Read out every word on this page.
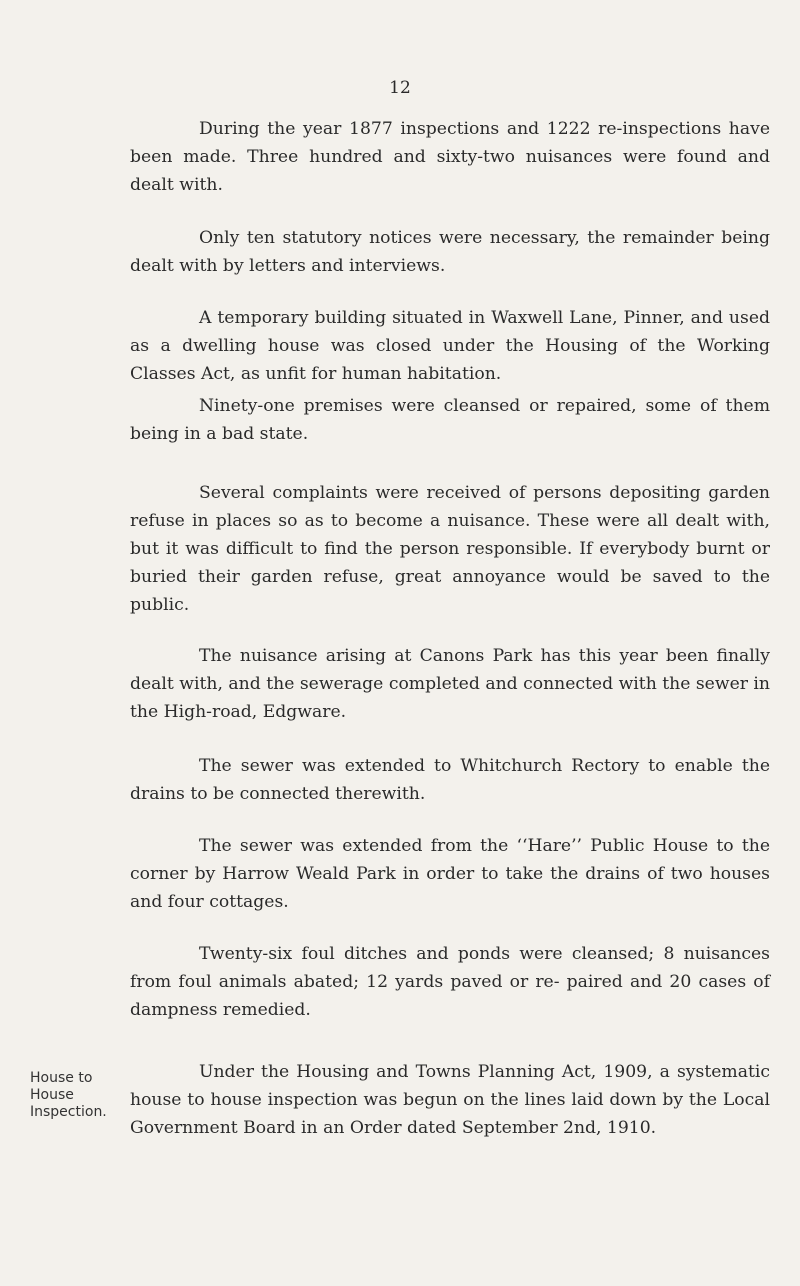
12

During the year 1877 inspections and 1222 re-inspections have been made. Three hundred and sixty-two nuisances were found and dealt with.

Only ten statutory notices were necessary, the remainder being dealt with by letters and interviews.

A temporary building situated in Waxwell Lane, Pinner, and used as a dwelling house was closed under the Housing of the Working Classes Act, as unfit for human habitation.

Ninety-one premises were cleansed or repaired, some of them being in a bad state.

Several complaints were received of persons depositing garden refuse in places so as to become a nuisance. These were all dealt with, but it was difficult to find the person responsible. If everybody burnt or buried their garden refuse, great annoyance would be saved to the public.

The nuisance arising at Canons Park has this year been finally dealt with, and the sewerage completed and connected with the sewer in the High-road, Edgware.

The sewer was extended to Whitchurch Rectory to enable the drains to be connected therewith.

The sewer was extended from the ‘‘Hare’’ Public House to the corner by Harrow Weald Park in order to take the drains of two houses and four cottages.

Twenty-six foul ditches and ponds were cleansed; 8 nuisances from foul animals abated; 12 yards paved or re- paired and 20 cases of dampness remedied.

Under the Housing and Towns Planning Act, 1909, a systematic house to house inspection was begun on the lines laid down by the Local Government Board in an Order dated September 2nd, 1910.

House to
House
Inspection.
